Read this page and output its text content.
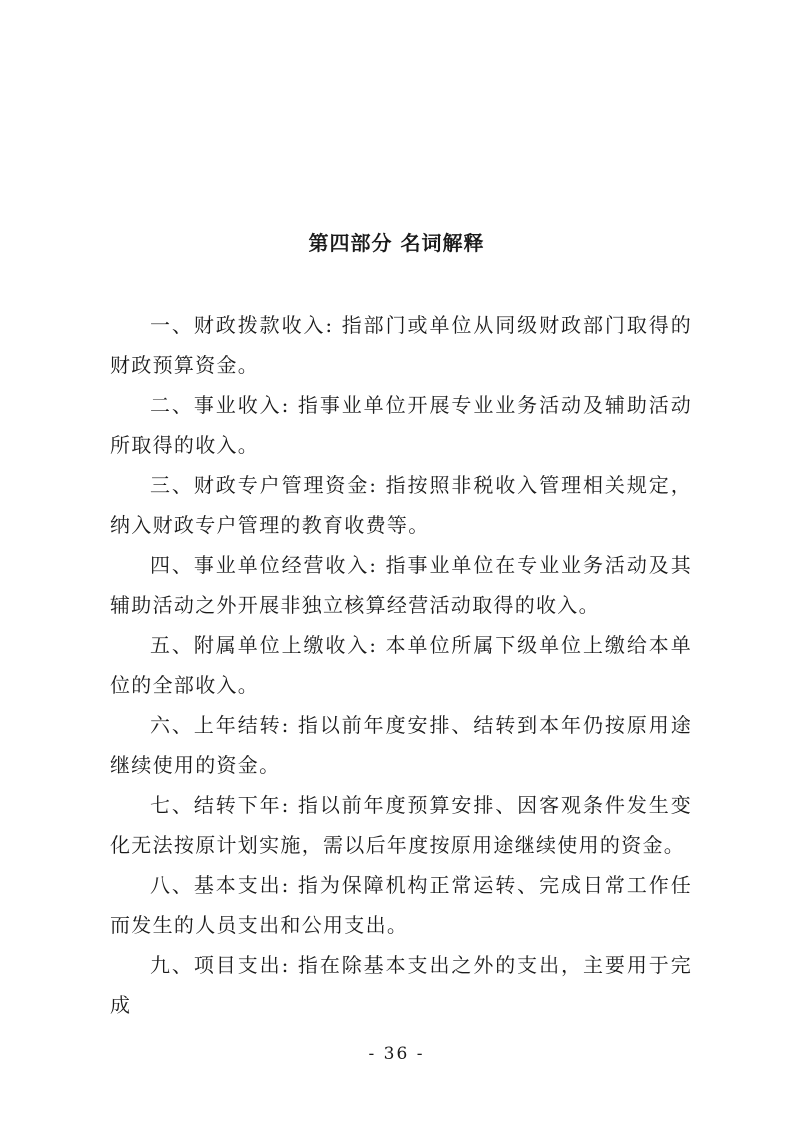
第四部分 名词解释

一、财政拨款收入: 指部门或单位从同级财政部门取得的财政预算资金。

二、事业收入: 指事业单位开展专业业务活动及辅助活动所取得的收入。

三、财政专户管理资金: 指按照非税收入管理相关规定，纳入财政专户管理的教育收费等。

四、事业单位经营收入: 指事业单位在专业业务活动及其辅助活动之外开展非独立核算经营活动取得的收入。

五、附属单位上缴收入: 本单位所属下级单位上缴给本单位的全部收入。

六、上年结转: 指以前年度安排、结转到本年仍按原用途继续使用的资金。

七、结转下年: 指以前年度预算安排、因客观条件发生变化无法按原计划实施，需以后年度按原用途继续使用的资金。

八、基本支出: 指为保障机构正常运转、完成日常工作任而发生的人员支出和公用支出。

九、项目支出: 指在除基本支出之外的支出，主要用于完成

- 36 -
